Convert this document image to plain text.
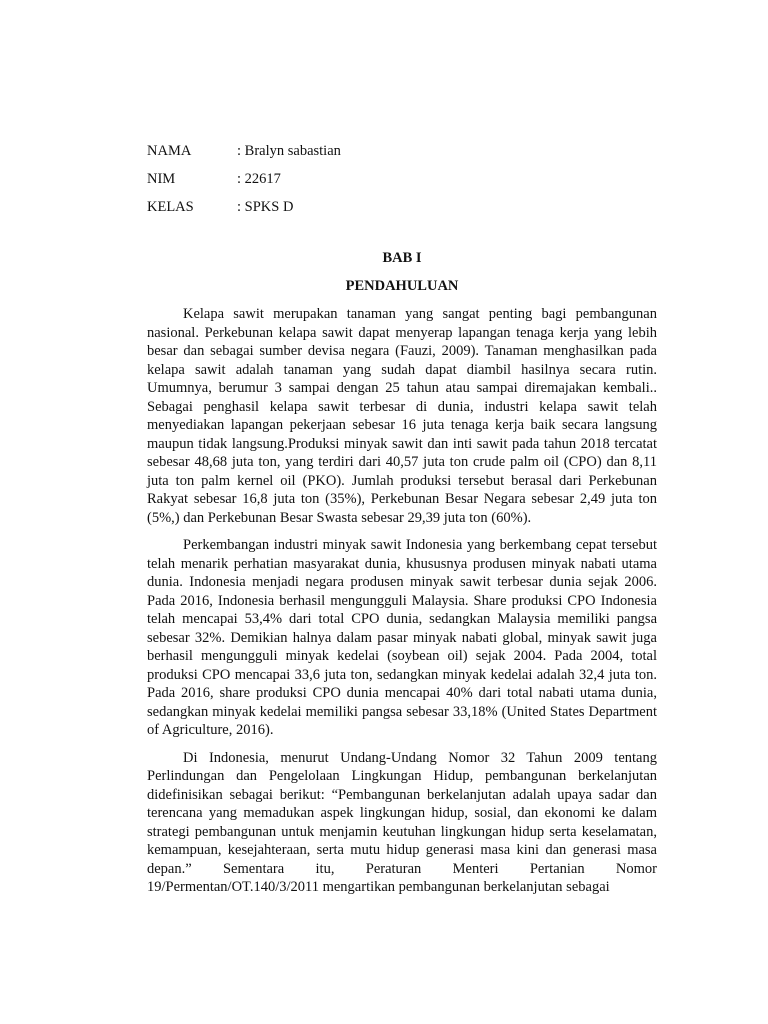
NAMA	: Bralyn sabastian
NIM	: 22617
KELAS	: SPKS D
BAB I
PENDAHULUAN

Kelapa sawit merupakan tanaman yang sangat penting bagi pembangunan nasional. Perkebunan kelapa sawit dapat menyerap lapangan tenaga kerja yang lebih besar dan sebagai sumber devisa negara (Fauzi, 2009). Tanaman menghasilkan pada kelapa sawit adalah tanaman yang sudah dapat diambil hasilnya secara rutin. Umumnya, berumur 3 sampai dengan 25 tahun atau sampai diremajakan kembali.. Sebagai penghasil kelapa sawit terbesar di dunia, industri kelapa sawit telah menyediakan lapangan pekerjaan sebesar 16 juta tenaga kerja baik secara langsung maupun tidak langsung.Produksi minyak sawit dan inti sawit pada tahun 2018 tercatat sebesar 48,68 juta ton, yang terdiri dari 40,57 juta ton crude palm oil (CPO) dan 8,11 juta ton palm kernel oil (PKO). Jumlah produksi tersebut berasal dari Perkebunan Rakyat sebesar 16,8 juta ton (35%), Perkebunan Besar Negara sebesar 2,49 juta ton (5%,) dan Perkebunan Besar Swasta sebesar 29,39 juta ton (60%).

Perkembangan industri minyak sawit Indonesia yang berkembang cepat tersebut telah menarik perhatian masyarakat dunia, khususnya produsen minyak nabati utama dunia. Indonesia menjadi negara produsen minyak sawit terbesar dunia sejak 2006. Pada 2016, Indonesia berhasil mengungguli Malaysia. Share produksi CPO Indonesia telah mencapai 53,4% dari total CPO dunia, sedangkan Malaysia memiliki pangsa sebesar 32%. Demikian halnya dalam pasar minyak nabati global, minyak sawit juga berhasil mengungguli minyak kedelai (soybean oil) sejak 2004. Pada 2004, total produksi CPO mencapai 33,6 juta ton, sedangkan minyak kedelai adalah 32,4 juta ton. Pada 2016, share produksi CPO dunia mencapai 40% dari total nabati utama dunia, sedangkan minyak kedelai memiliki pangsa sebesar 33,18% (United States Department of Agriculture, 2016).

Di Indonesia, menurut Undang-Undang Nomor 32 Tahun 2009 tentang Perlindungan dan Pengelolaan Lingkungan Hidup, pembangunan berkelanjutan didefinisikan sebagai berikut: “Pembangunan berkelanjutan adalah upaya sadar dan terencana yang memadukan aspek lingkungan hidup, sosial, dan ekonomi ke dalam strategi pembangunan untuk menjamin keutuhan lingkungan hidup serta keselamatan, kemampuan, kesejahteraan, serta mutu hidup generasi masa kini dan generasi masa depan.” Sementara itu, Peraturan Menteri Pertanian Nomor 19/Permentan/OT.140/3/2011 mengartikan pembangunan berkelanjutan sebagai
